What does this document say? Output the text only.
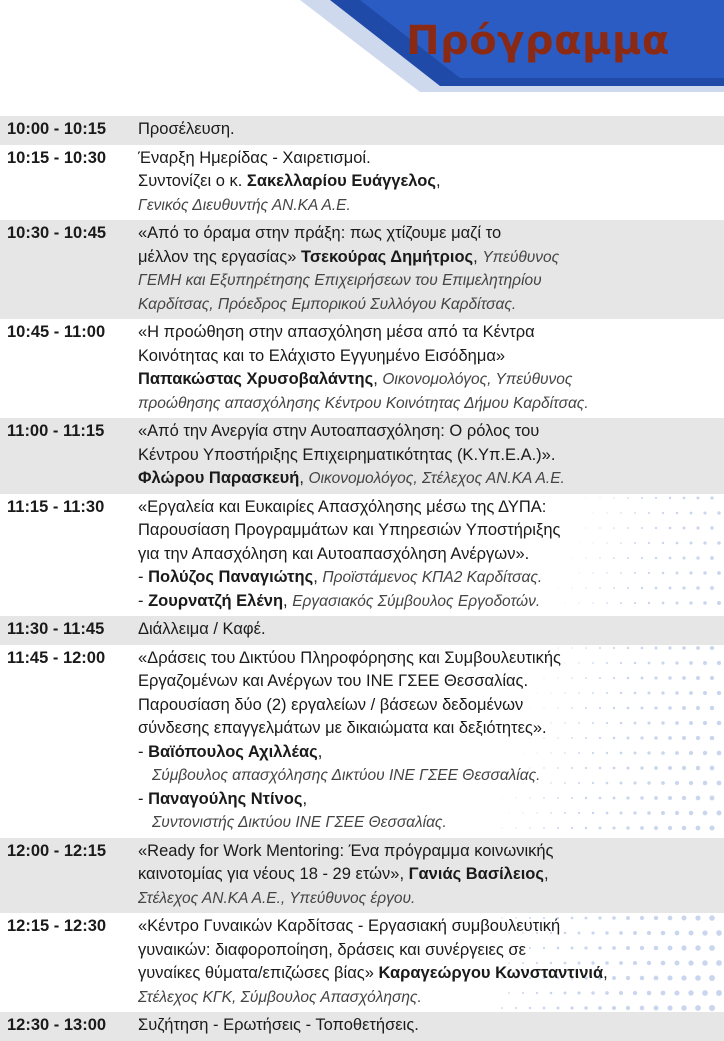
Πρόγραμμα
10:00 - 10:15	Προσέλευση.
10:15 - 10:30	Έναρξη Ημερίδας - Χαιρετισμοί.
Συντονίζει ο κ. Σακελλαρίου Ευάγγελος,
Γενικός Διευθυντής ΑΝ.ΚΑ Α.Ε.
10:30 - 10:45	«Από το όραμα στην πράξη: πως χτίζουμε μαζί το
μέλλον της εργασίας» Τσεκούρας Δημήτριος, Υπεύθυνος
ΓΕΜΗ και Εξυπηρέτησης Επιχειρήσεων του Επιμελητηρίου
Καρδίτσας, Πρόεδρος Εμπορικού Συλλόγου Καρδίτσας.
10:45 - 11:00	«Η προώθηση στην απασχόληση μέσα από τα Κέντρα
Κοινότητας και το Ελάχιστο Εγγυημένο Εισόδημα»
Παπακώστας Χρυσοβαλάντης, Οικονομολόγος, Υπεύθυνος
προώθησης απασχόλησης Κέντρου Κοινότητας Δήμου Καρδίτσας.
11:00 - 11:15	«Από την Ανεργία στην Αυτοαπασχόληση: Ο ρόλος του
Κέντρου Υποστήριξης Επιχειρηματικότητας (Κ.Υπ.Ε.Α.)».
Φλώρου Παρασκευή, Οικονομολόγος, Στέλεχος ΑΝ.ΚΑ Α.Ε.
11:15 - 11:30	«Εργαλεία και Ευκαιρίες Απασχόλησης μέσω της ΔΥΠΑ:
Παρουσίαση Προγραμμάτων και Υπηρεσιών Υποστήριξης
για την Απασχόληση και Αυτοαπασχόληση Ανέργων».
- Πολύζος Παναγιώτης, Προϊστάμενος ΚΠΑ2 Καρδίτσας.
- Ζουρνατζή Ελένη, Εργασιακός Σύμβουλος Εργοδοτών.
11:30 - 11:45	Διάλλειμα / Καφέ.
11:45 - 12:00	«Δράσεις του Δικτύου Πληροφόρησης και Συμβουλευτικής
Εργαζομένων και Ανέργων του ΙΝΕ ΓΣΕΕ Θεσσαλίας.
Παρουσίαση δύο (2) εργαλείων / βάσεων δεδομένων
σύνδεσης επαγγελμάτων με δικαιώματα και δεξιότητες».
- Βαϊόπουλος Αχιλλέας,
Σύμβουλος απασχόλησης Δικτύου ΙΝΕ ΓΣΕΕ Θεσσαλίας.
- Παναγούλης Ντίνος,
Συντονιστής Δικτύου ΙΝΕ ΓΣΕΕ Θεσσαλίας.
12:00 - 12:15	«Ready for Work Mentoring: Ένα πρόγραμμα κοινωνικής
καινοτομίας για νέους 18 - 29 ετών», Γανιάς Βασίλειος,
Στέλεχος ΑΝ.ΚΑ Α.Ε., Υπεύθυνος έργου.
12:15 - 12:30	«Κέντρο Γυναικών Καρδίτσας - Εργασιακή συμβουλευτική
γυναικών: διαφοροποίηση, δράσεις και συνέργειες σε
γυναίκες θύματα/επιζώσες βίας» Καραγεώργου Κωνσταντινιά,
Στέλεχος ΚΓΚ, Σύμβουλος Απασχόλησης.
12:30 - 13:00	Συζήτηση - Ερωτήσεις - Τοποθετήσεις.
